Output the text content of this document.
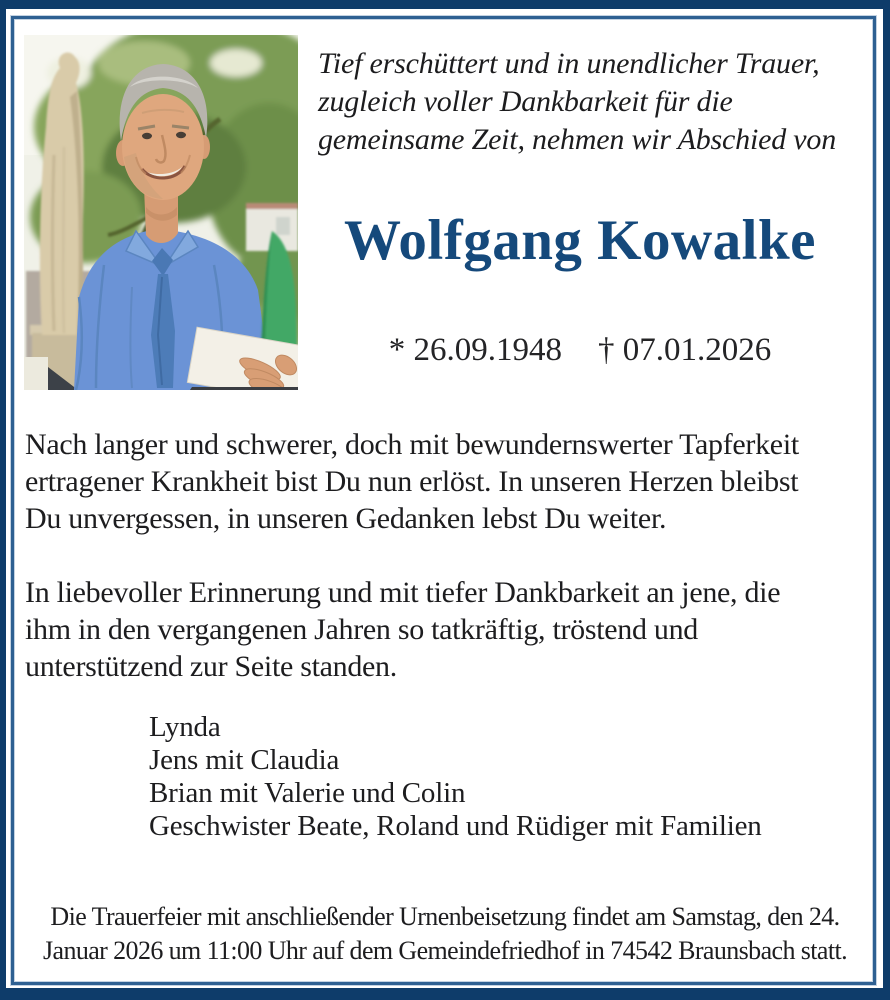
Tief erschüttert und in unendlicher Trauer,
zugleich voller Dankbarkeit für die
gemeinsame Zeit, nehmen wir Abschied von
Wolfgang Kowalke
* 26.09.1948 † 07.01.2026
Nach langer und schwerer, doch mit bewundernswerter Tapferkeit
ertragener Krankheit bist Du nun erlöst. In unseren Herzen bleibst
Du unvergessen, in unseren Gedanken lebst Du weiter.
In liebevoller Erinnerung und mit tiefer Dankbarkeit an jene, die
ihm in den vergangenen Jahren so tatkräftig, tröstend und
unterstützend zur Seite standen.
Lynda
Jens mit Claudia
Brian mit Valerie und Colin
Geschwister Beate, Roland und Rüdiger mit Familien
Die Trauerfeier mit anschließender Urnenbeisetzung findet am Samstag, den 24.
Januar 2026 um 11:00 Uhr auf dem Gemeindefriedhof in 74542 Braunsbach statt.
